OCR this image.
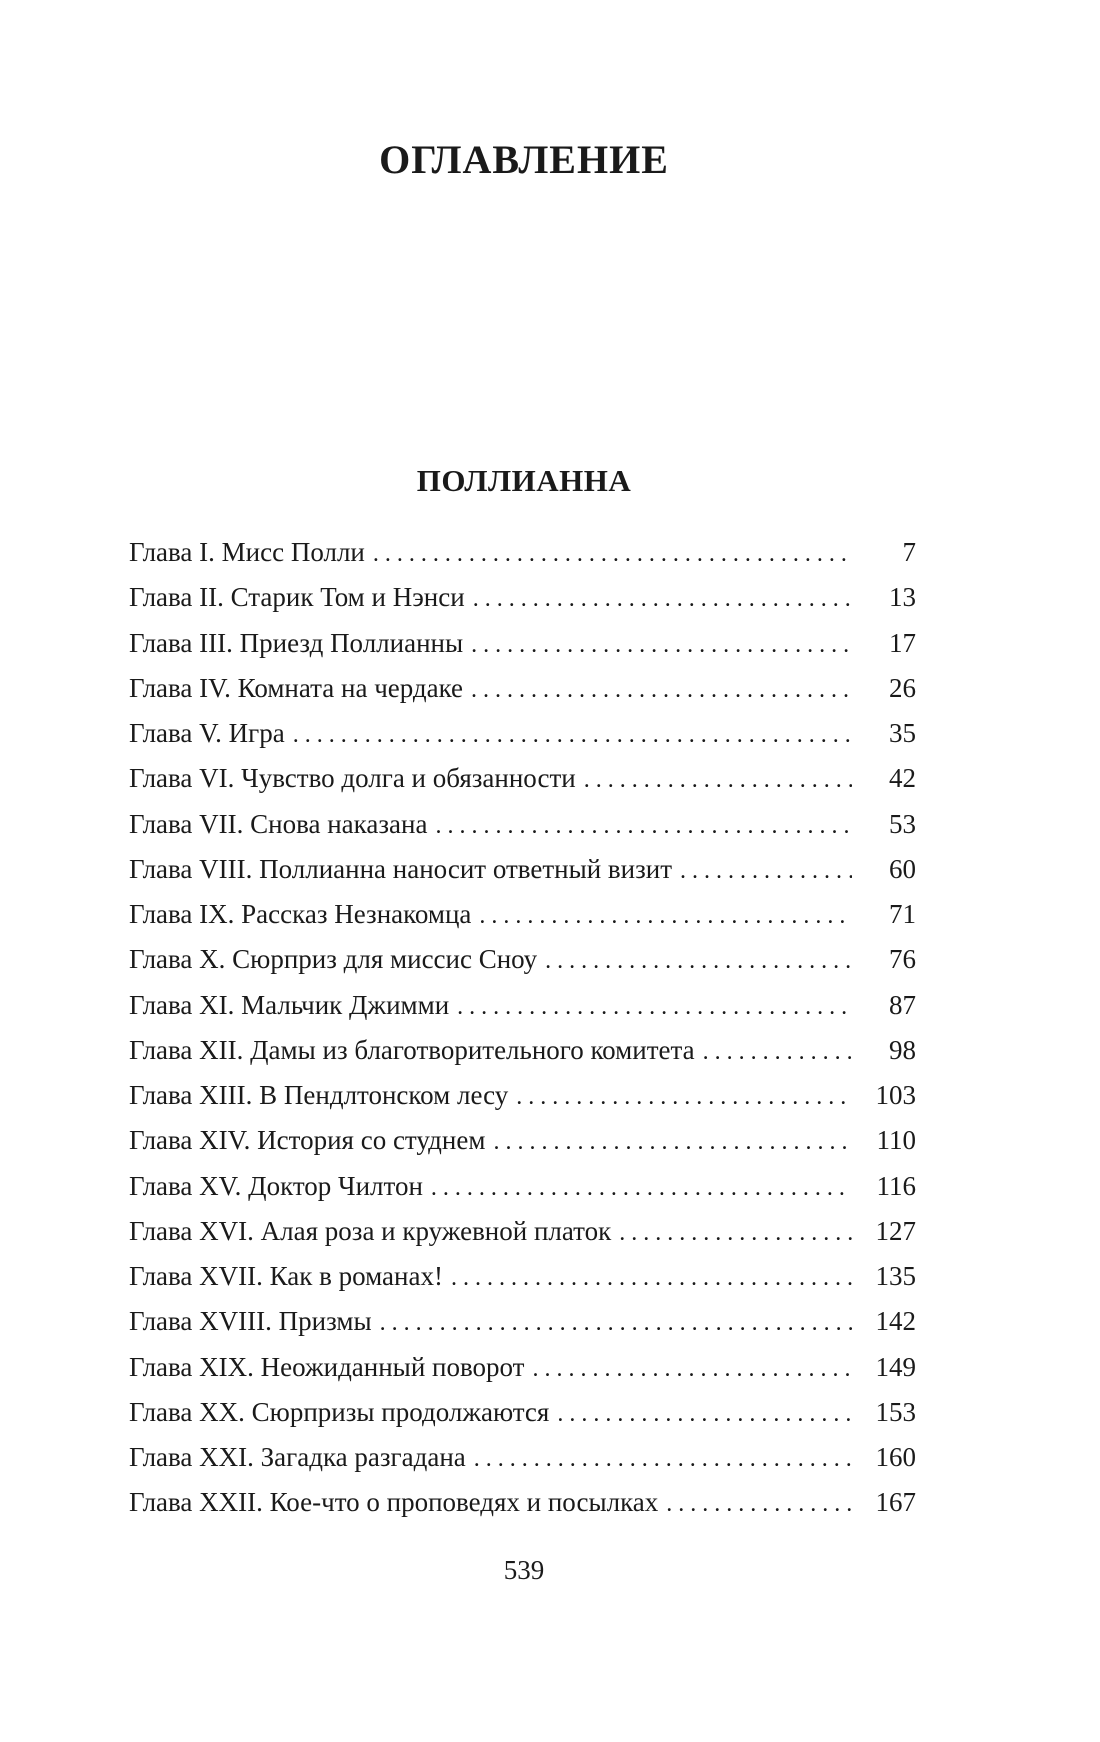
ОГЛАВЛЕНИЕ
ПОЛЛИАННА
Глава I. Мисс Полли . . .	7
Глава II. Старик Том и Нэнси . . .	13
Глава III. Приезд Поллианны . . .	17
Глава IV. Комната на чердаке . . .	26
Глава V. Игра . . .	35
Глава VI. Чувство долга и обязанности . . .	42
Глава VII. Снова наказана . . .	53
Глава VIII. Поллианна наносит ответный визит . . .	60
Глава IX. Рассказ Незнакомца . . .	71
Глава X. Сюрприз для миссис Сноу . . .	76
Глава XI. Мальчик Джимми . . .	87
Глава XII. Дамы из благотворительного комитета . . .	98
Глава XIII. В Пендлтонском лесу . . .	103
Глава XIV. История со студнем . . .	110
Глава XV. Доктор Чилтон . . .	116
Глава XVI. Алая роза и кружевной платок . . .	127
Глава XVII. Как в романах! . . .	135
Глава XVIII. Призмы . . .	142
Глава XIX. Неожиданный поворот . . .	149
Глава XX. Сюрпризы продолжаются . . .	153
Глава XXI. Загадка разгадана . . .	160
Глава XXII. Кое-что о проповедях и посылках . . .	167
539
